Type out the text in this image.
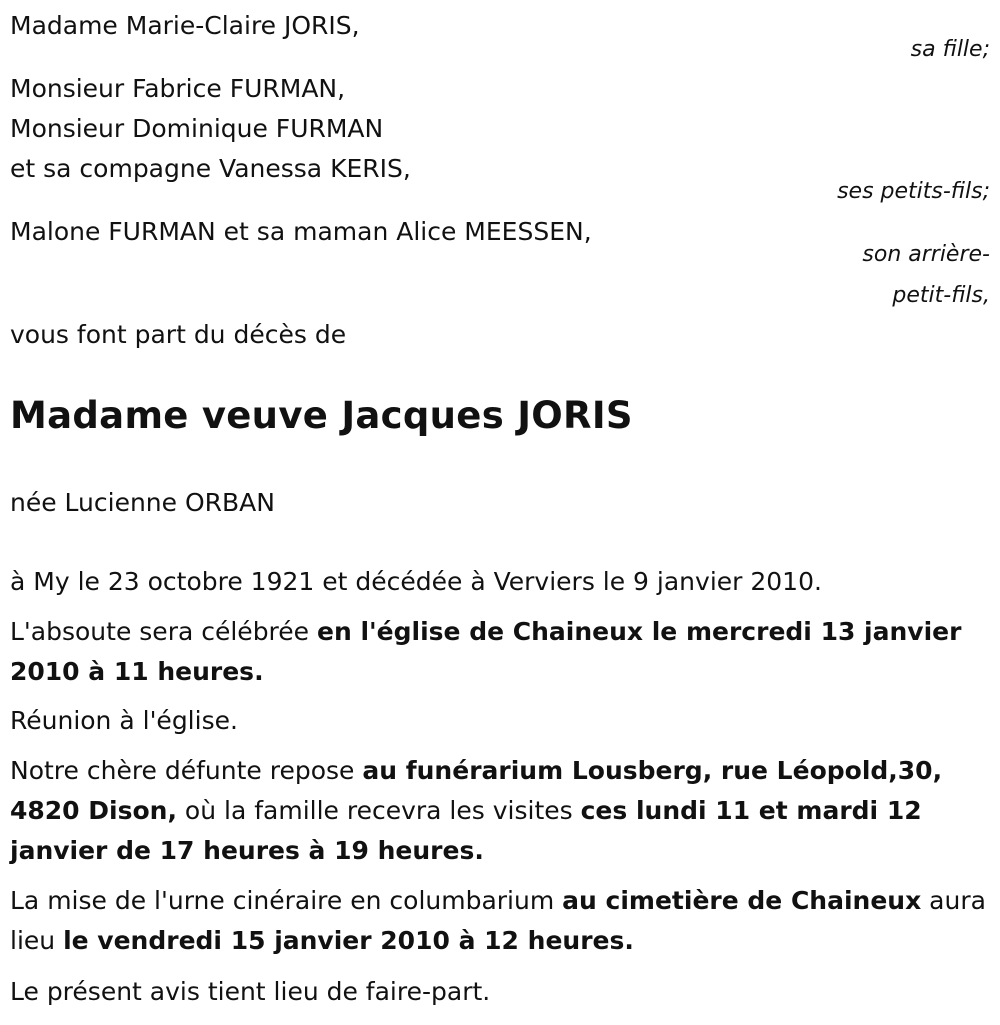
Madame Marie-Claire JORIS,
sa fille;
Monsieur Fabrice FURMAN,
Monsieur Dominique FURMAN
et sa compagne Vanessa KERIS,
ses petits-fils;
Malone FURMAN et sa maman Alice MEESSEN,
son arrière-
petit-fils,
vous font part du décès de
Madame veuve Jacques JORIS
née Lucienne ORBAN
à My le 23 octobre 1921 et décédée à Verviers le 9 janvier 2010.
L'absoute sera célébrée en l'église de Chaineux le mercredi 13 janvier 2010 à 11 heures.
Réunion à l'église.
Notre chère défunte repose au funérarium Lousberg, rue Léopold,30, 4820 Dison, où la famille recevra les visites ces lundi 11 et mardi 12 janvier de 17 heures à 19 heures.
La mise de l'urne cinéraire en columbarium au cimetière de Chaineux aura lieu le vendredi 15 janvier 2010 à 12 heures.
Le présent avis tient lieu de faire-part.
